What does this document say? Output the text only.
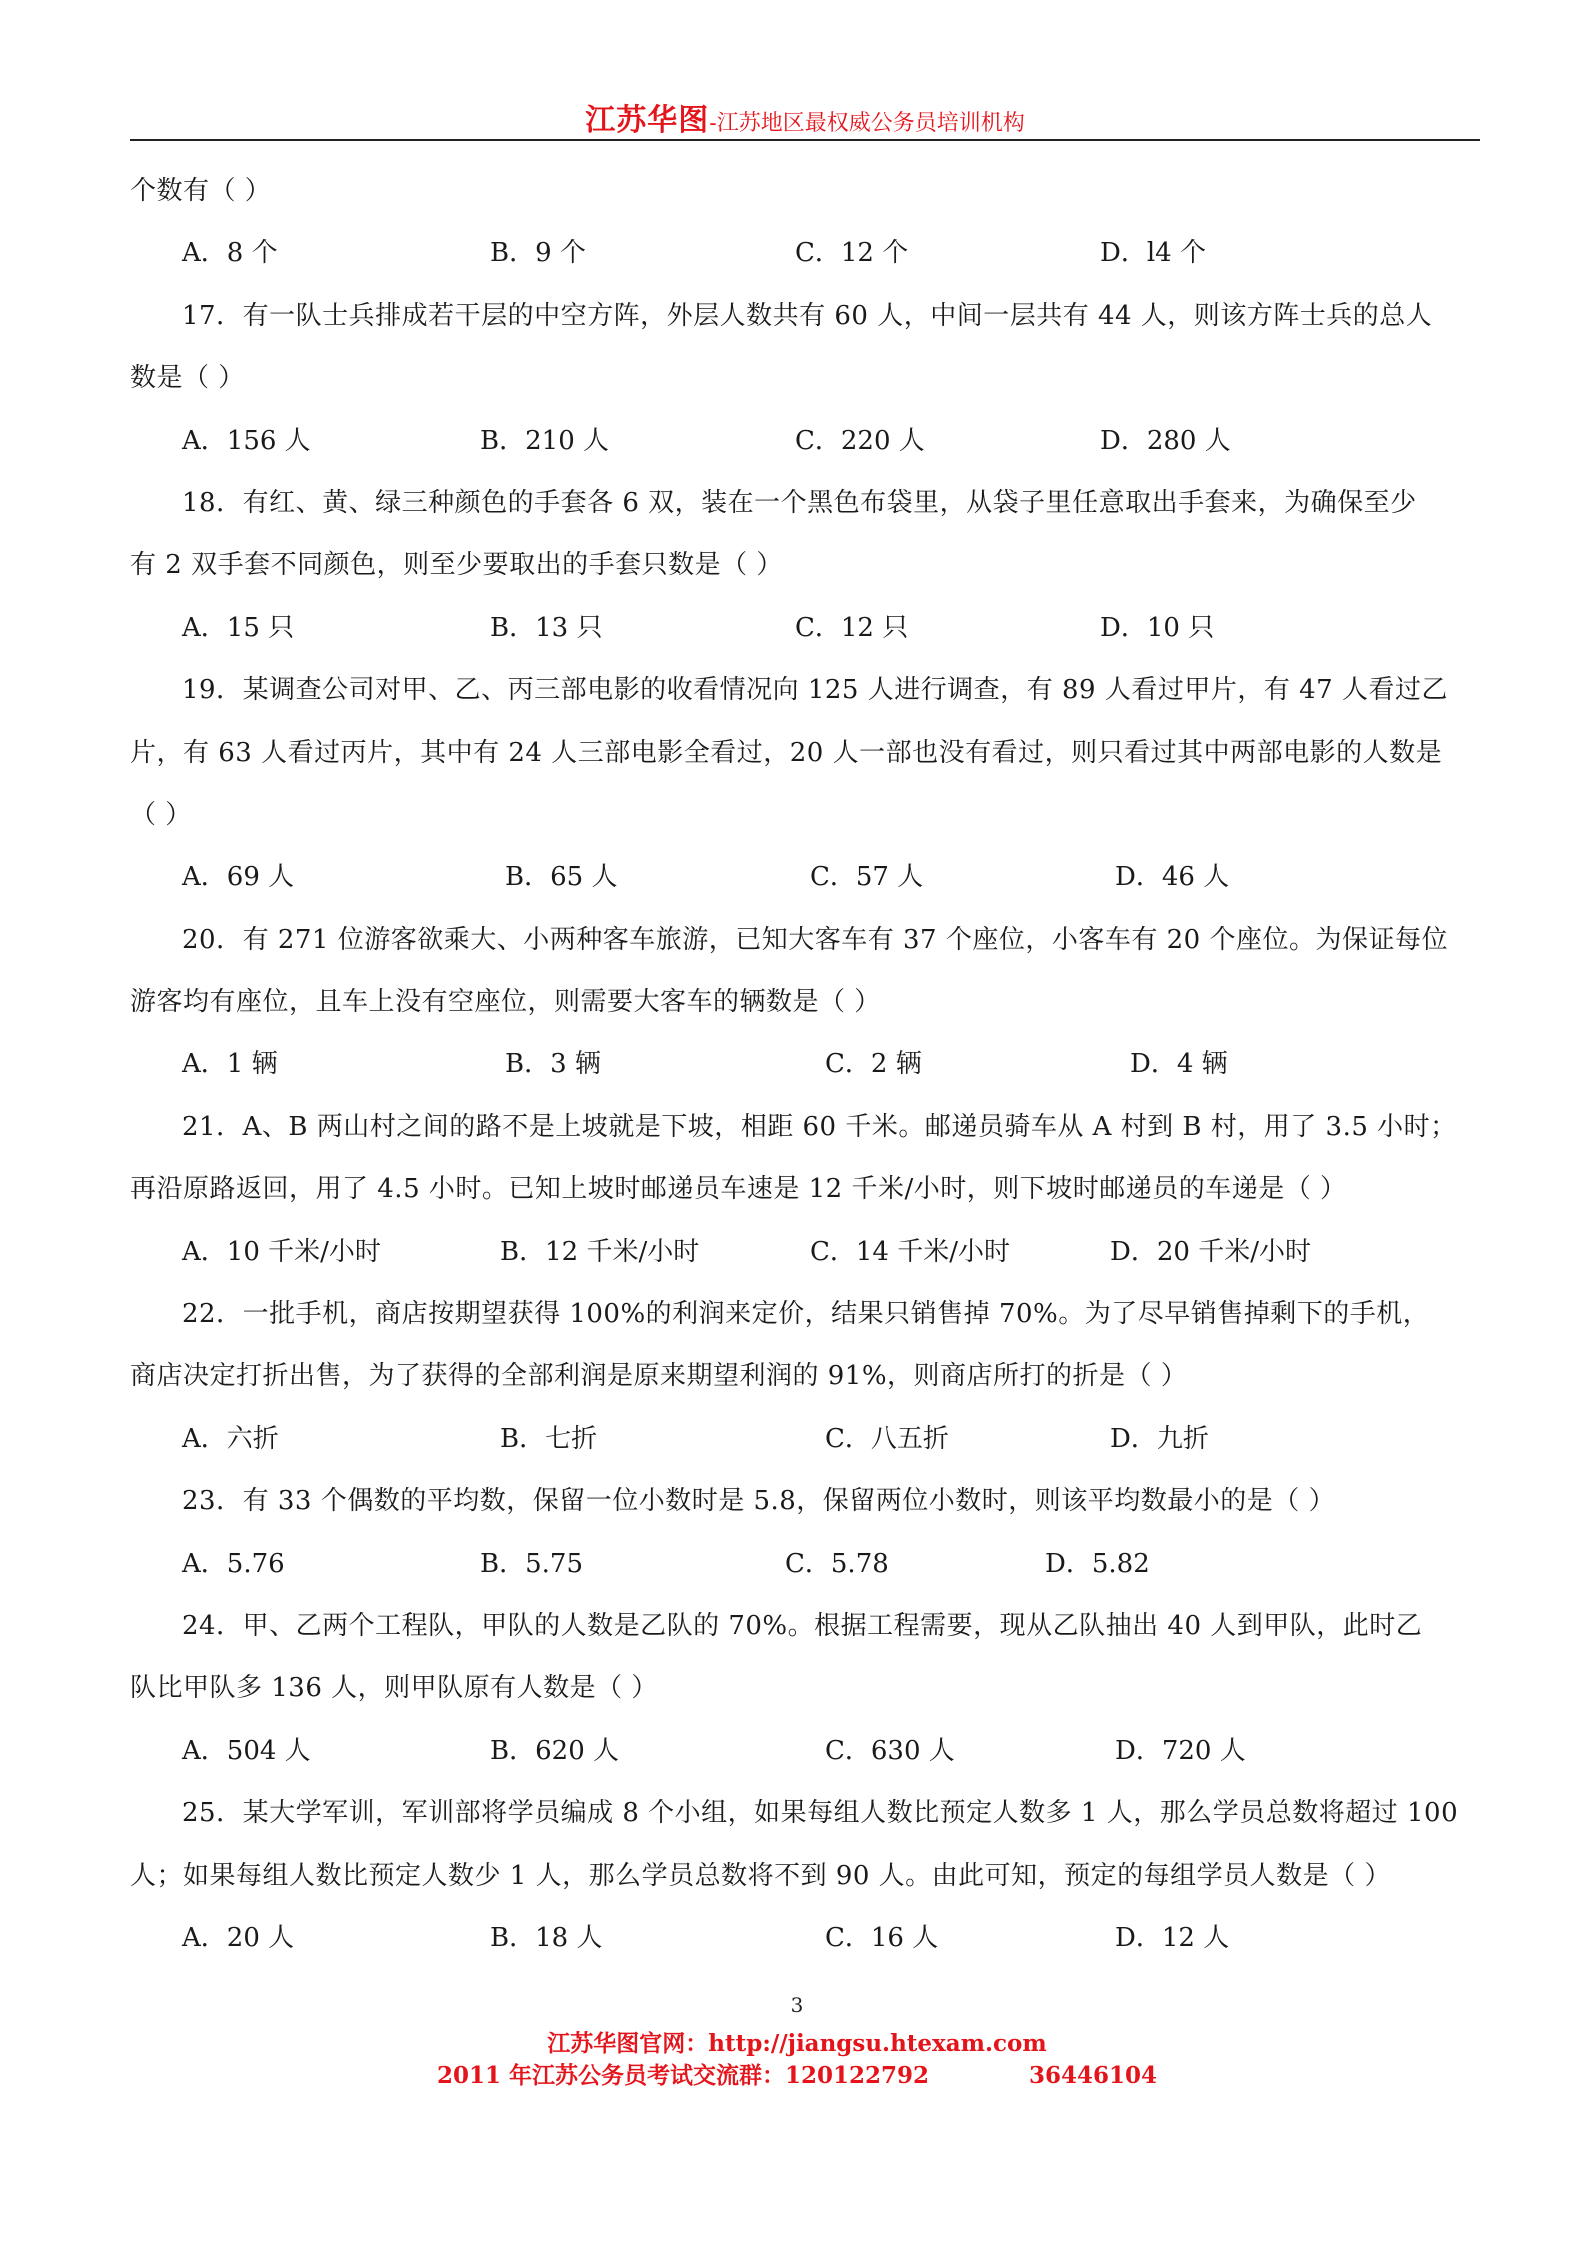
江苏华图-江苏地区最权威公务员培训机构
个数有（ ）
A．8 个	B．9 个	C．12 个	D．l4 个
17．有一队士兵排成若干层的中空方阵，外层人数共有 60 人，中间一层共有 44 人，则该方阵士兵的总人
数是（ ）
A．156 人	B．210 人	C．220 人	D．280 人
18．有红、黄、绿三种颜色的手套各 6 双，装在一个黑色布袋里，从袋子里任意取出手套来，为确保至少
有 2 双手套不同颜色，则至少要取出的手套只数是（ ）
A．15 只	B．13 只	C．12 只	D．10 只
19．某调查公司对甲、乙、丙三部电影的收看情况向 125 人进行调查，有 89 人看过甲片，有 47 人看过乙
片，有 63 人看过丙片，其中有 24 人三部电影全看过，20 人一部也没有看过，则只看过其中两部电影的人数是
（ ）
A．69 人	B．65 人	C．57 人	D．46 人
20．有 271 位游客欲乘大、小两种客车旅游，已知大客车有 37 个座位，小客车有 20 个座位。为保证每位
游客均有座位，且车上没有空座位，则需要大客车的辆数是（ ）
A．1 辆	B．3 辆	C．2 辆	D．4 辆
21．A、B 两山村之间的路不是上坡就是下坡，相距 60 千米。邮递员骑车从 A 村到 B 村，用了 3.5 小时；
再沿原路返回，用了 4.5 小时。已知上坡时邮递员车速是 12 千米/小时，则下坡时邮递员的车递是（ ）
A．10 千米/小时	B．12 千米/小时	C．14 千米/小时	D．20 千米/小时
22．一批手机，商店按期望获得 100%的利润来定价，结果只销售掉 70%。为了尽早销售掉剩下的手机，
商店决定打折出售，为了获得的全部利润是原来期望利润的 91%，则商店所打的折是（ ）
A．六折	B．七折	C．八五折	D．九折
23．有 33 个偶数的平均数，保留一位小数时是 5.8，保留两位小数时，则该平均数最小的是（ ）
A．5.76	B．5.75	C．5.78	D．5.82
24．甲、乙两个工程队，甲队的人数是乙队的 70%。根据工程需要，现从乙队抽出 40 人到甲队，此时乙
队比甲队多 136 人，则甲队原有人数是（ ）
A．504 人	B．620 人	C．630 人	D．720 人
25．某大学军训，军训部将学员编成 8 个小组，如果每组人数比预定人数多 1 人，那么学员总数将超过 100
人；如果每组人数比预定人数少 1 人，那么学员总数将不到 90 人。由此可知，预定的每组学员人数是（ ）
A．20 人	B．18 人	C．16 人	D．12 人
3
江苏华图官网：http://jiangsu.htexam.com
2011 年江苏公务员考试交流群：120122792	36446104
